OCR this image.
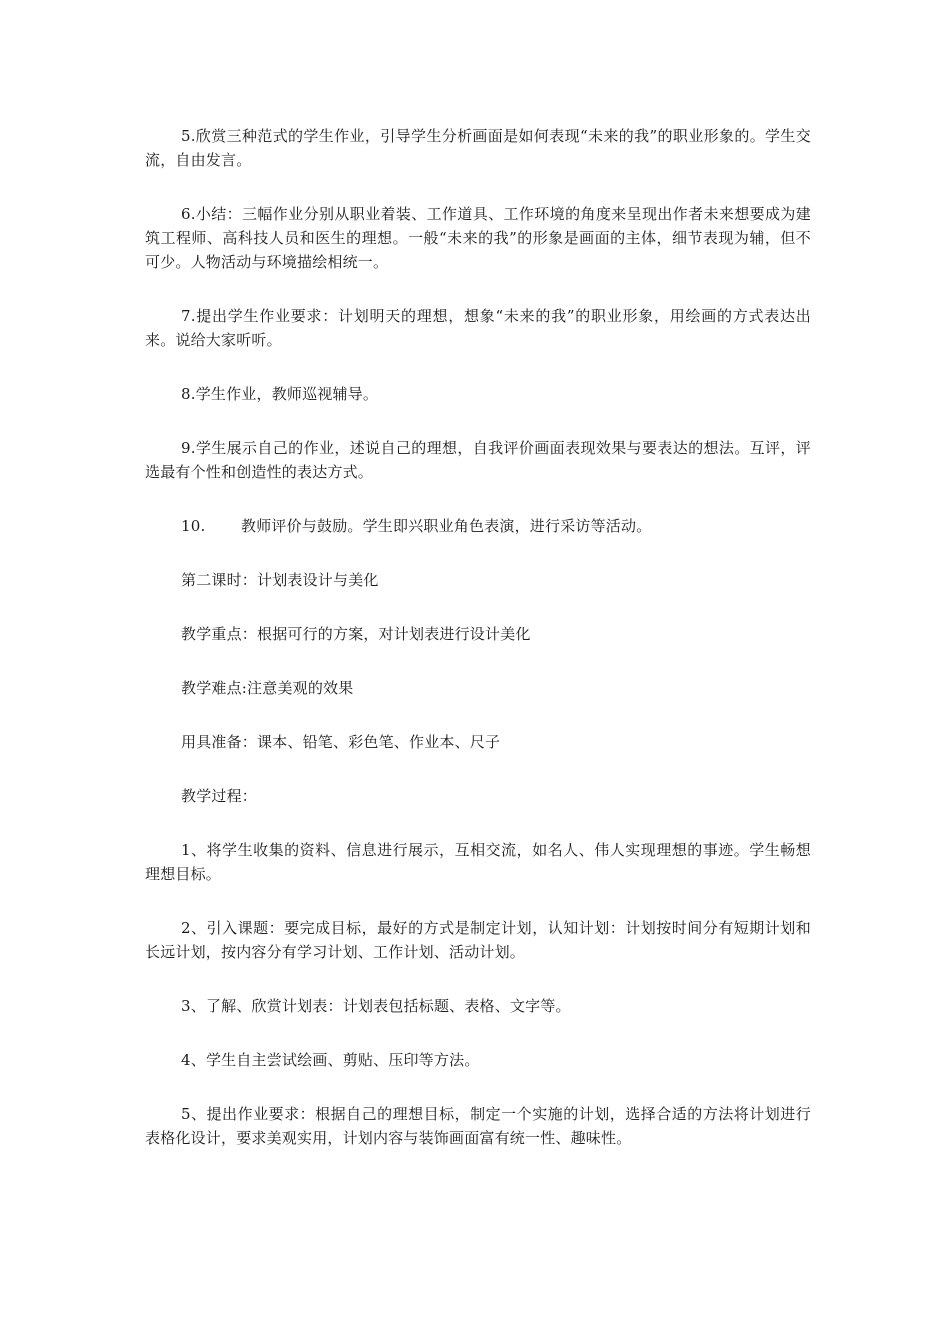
5.欣赏三种范式的学生作业，引导学生分析画面是如何表现“未来的我”的职业形象的。学生交流，自由发言。

6.小结：三幅作业分别从职业着装、工作道具、工作环境的角度来呈现出作者未来想要成为建筑工程师、高科技人员和医生的理想。一般“未来的我”的形象是画面的主体，细节表现为辅，但不可少。人物活动与环境描绘相统一。

7.提出学生作业要求：计划明天的理想，想象“未来的我”的职业形象，用绘画的方式表达出来。说给大家听听。

8.学生作业，教师巡视辅导。

9.学生展示自己的作业，述说自己的理想，自我评价画面表现效果与要表达的想法。互评，评选最有个性和创造性的表达方式。

10. 教师评价与鼓励。学生即兴职业角色表演，进行采访等活动。

第二课时：计划表设计与美化

教学重点：根据可行的方案，对计划表进行设计美化

教学难点:注意美观的效果

用具准备：课本、铅笔、彩色笔、作业本、尺子

教学过程：

1、将学生收集的资料、信息进行展示，互相交流，如名人、伟人实现理想的事迹。学生畅想理想目标。

2、引入课题：要完成目标，最好的方式是制定计划，认知计划：计划按时间分有短期计划和长远计划，按内容分有学习计划、工作计划、活动计划。

3、了解、欣赏计划表：计划表包括标题、表格、文字等。

4、学生自主尝试绘画、剪贴、压印等方法。

5、提出作业要求：根据自己的理想目标，制定一个实施的计划，选择合适的方法将计划进行表格化设计，要求美观实用，计划内容与装饰画面富有统一性、趣味性。
